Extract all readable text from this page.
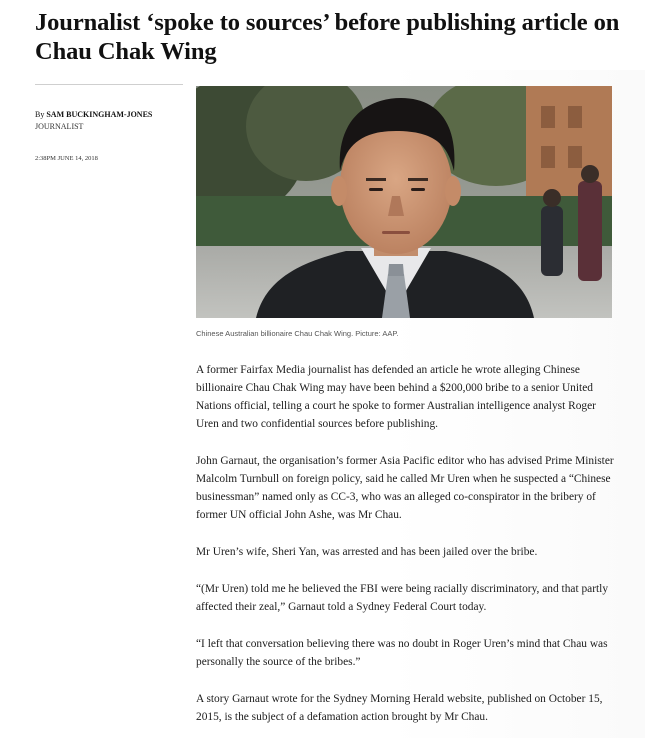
Journalist ‘spoke to sources’ before publishing article on Chau Chak Wing
By SAM BUCKINGHAM-JONES
JOURNALIST
2:38PM JUNE 14, 2018
Chinese Australian billionaire Chau Chak Wing. Picture: AAP.

A former Fairfax Media journalist has defended an article he wrote alleging Chinese billionaire Chau Chak Wing may have been behind a $200,000 bribe to a senior United Nations official, telling a court he spoke to former Australian intelligence analyst Roger Uren and two confidential sources before publishing.

John Garnaut, the organisation’s former Asia Pacific editor who has advised Prime Minister Malcolm Turnbull on foreign policy, said he called Mr Uren when he suspected a “Chinese businessman” named only as CC-3, who was an alleged co-conspirator in the bribery of former UN official John Ashe, was Mr Chau.

Mr Uren’s wife, Sheri Yan, was arrested and has been jailed over the bribe.

“(Mr Uren) told me he believed the FBI were being racially discriminatory, and that partly affected their zeal,” Garnaut told a Sydney Federal Court today.

“I left that conversation believing there was no doubt in Roger Uren’s mind that Chau was personally the source of the bribes.”

A story Garnaut wrote for the Sydney Morning Herald website, published on October 15, 2015, is the subject of a defamation action brought by Mr Chau.
